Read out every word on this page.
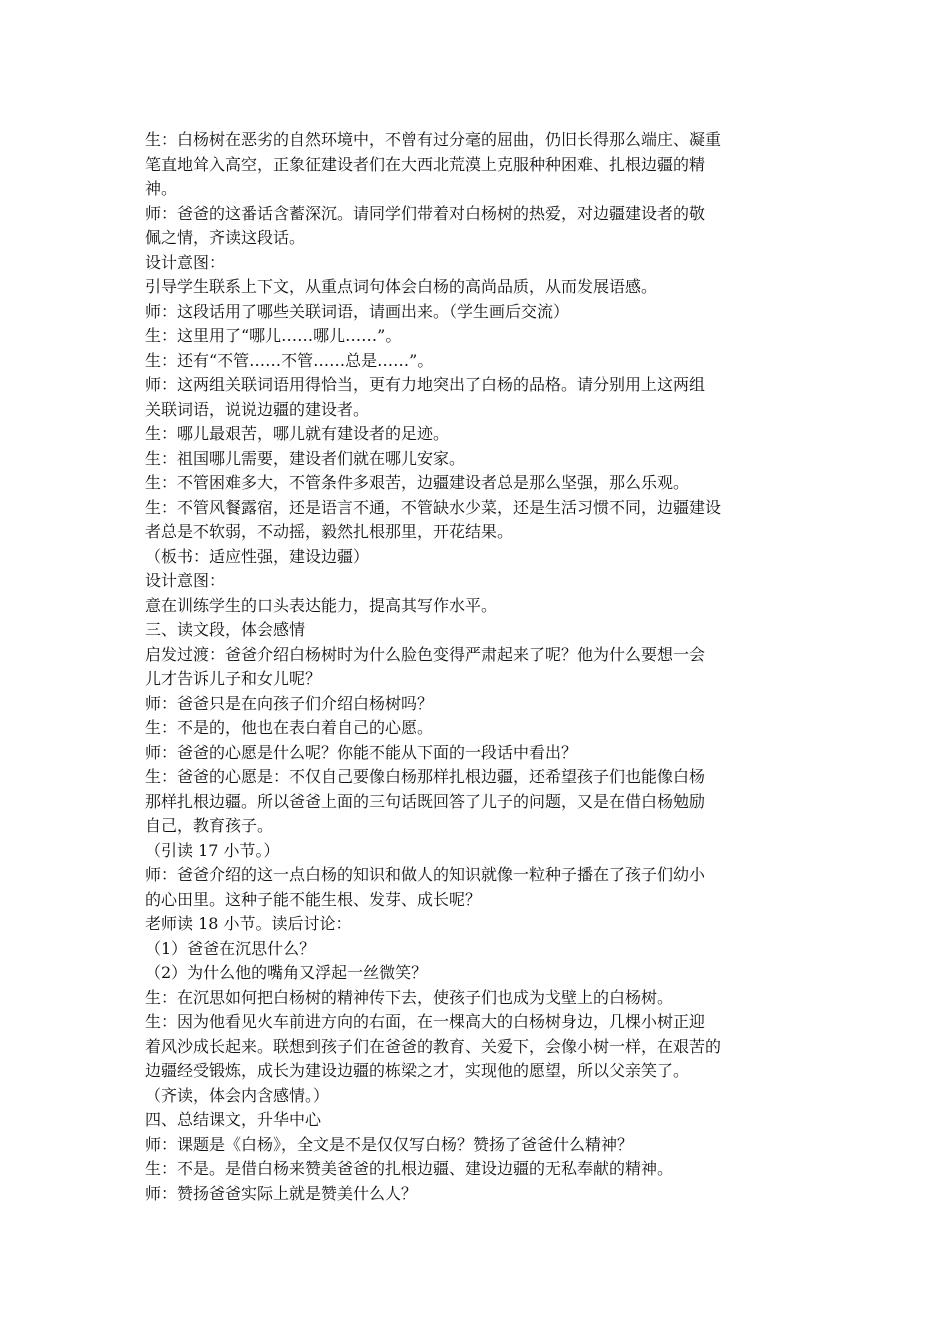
生：白杨树在恶劣的自然环境中，不曾有过分毫的屈曲，仍旧长得那么端庄、凝重
笔直地耸入高空，正象征建设者们在大西北荒漠上克服种种困难、扎根边疆的精
神。
师：爸爸的这番话含蓄深沉。请同学们带着对白杨树的热爱，对边疆建设者的敬
佩之情，齐读这段话。
设计意图：
引导学生联系上下文，从重点词句体会白杨的高尚品质，从而发展语感。
师：这段话用了哪些关联词语，请画出来。（学生画后交流）
生：这里用了“哪儿……哪儿……”。
生：还有“不管……不管……总是……”。
师：这两组关联词语用得恰当，更有力地突出了白杨的品格。请分别用上这两组
关联词语，说说边疆的建设者。
生：哪儿最艰苦，哪儿就有建设者的足迹。
生：祖国哪儿需要，建设者们就在哪儿安家。
生：不管困难多大，不管条件多艰苦，边疆建设者总是那么坚强，那么乐观。
生：不管风餐露宿，还是语言不通，不管缺水少菜，还是生活习惯不同，边疆建设
者总是不软弱，不动摇，毅然扎根那里，开花结果。
（板书：适应性强，建设边疆）
设计意图：
意在训练学生的口头表达能力，提高其写作水平。
三、读文段，体会感情
启发过渡：爸爸介绍白杨树时为什么脸色变得严肃起来了呢？他为什么要想一会
儿才告诉儿子和女儿呢？
师：爸爸只是在向孩子们介绍白杨树吗？
生：不是的，他也在表白着自己的心愿。
师：爸爸的心愿是什么呢？你能不能从下面的一段话中看出？
生：爸爸的心愿是：不仅自己要像白杨那样扎根边疆，还希望孩子们也能像白杨
那样扎根边疆。所以爸爸上面的三句话既回答了儿子的问题，又是在借白杨勉励
自己，教育孩子。
（引读 17 小节。）
师：爸爸介绍的这一点白杨的知识和做人的知识就像一粒种子播在了孩子们幼小
的心田里。这种子能不能生根、发芽、成长呢？
老师读 18 小节。读后讨论：
（1）爸爸在沉思什么？
（2）为什么他的嘴角又浮起一丝微笑？
生：在沉思如何把白杨树的精神传下去，使孩子们也成为戈壁上的白杨树。
生：因为他看见火车前进方向的右面，在一棵高大的白杨树身边，几棵小树正迎
着风沙成长起来。联想到孩子们在爸爸的教育、关爱下，会像小树一样，在艰苦的
边疆经受锻炼，成长为建设边疆的栋梁之才，实现他的愿望，所以父亲笑了。
（齐读，体会内含感情。）
四、总结课文，升华中心
师：课题是《白杨》，全文是不是仅仅写白杨？赞扬了爸爸什么精神？
生：不是。是借白杨来赞美爸爸的扎根边疆、建设边疆的无私奉献的精神。
师：赞扬爸爸实际上就是赞美什么人？
